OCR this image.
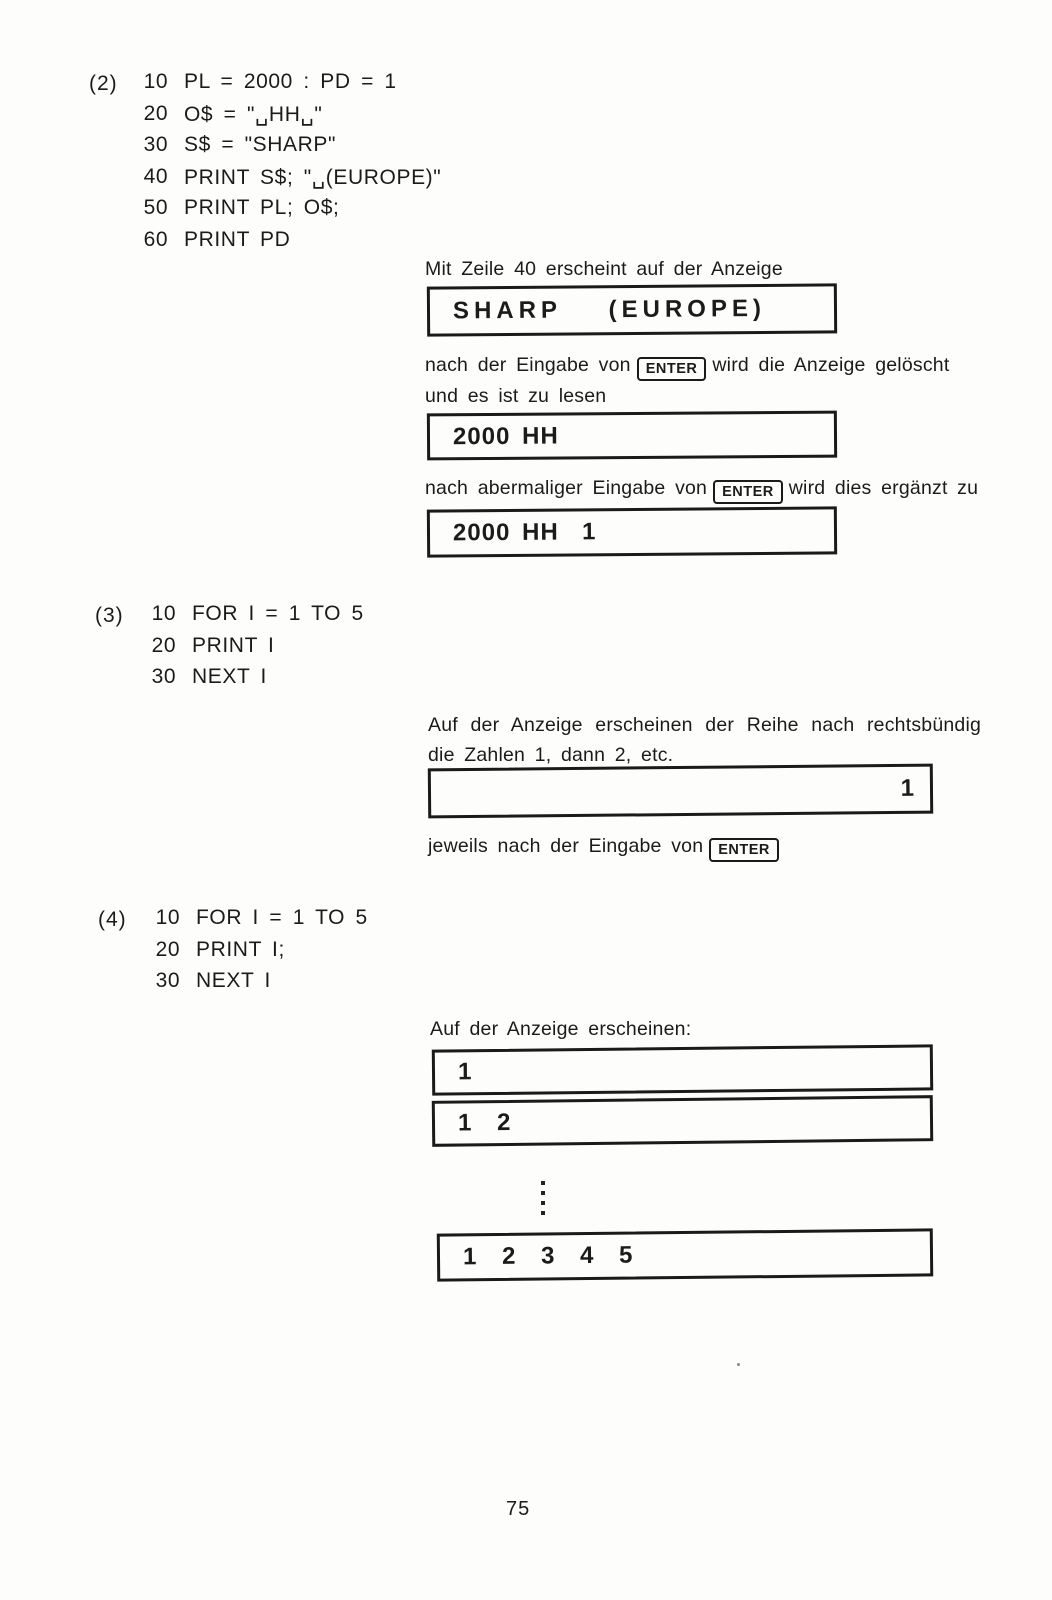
(2) 10 PL = 2000 : PD = 1
20 O$ = "␣HH␣"
30 S$ = "SHARP"
40 PRINT S$; "␣(EUROPE)"
50 PRINT PL; O$;
60 PRINT PD
Mit Zeile 40 erscheint auf der Anzeige
SHARP   (EUROPE)
nach der Eingabe von ENTER wird die Anzeige gelöscht
und es ist zu lesen
2000 HH
nach abermaliger Eingabe von ENTER wird dies ergänzt zu
2000 HH  1
(3) 10 FOR I = 1 TO 5
20 PRINT I
30 NEXT I
Auf der Anzeige erscheinen der Reihe nach rechtsbündig
die Zahlen 1, dann 2, etc.
1
jeweils nach der Eingabe von ENTER
(4) 10 FOR I = 1 TO 5
20 PRINT I;
30 NEXT I
Auf der Anzeige erscheinen:
1
1 2
1 2 3 4 5
75
